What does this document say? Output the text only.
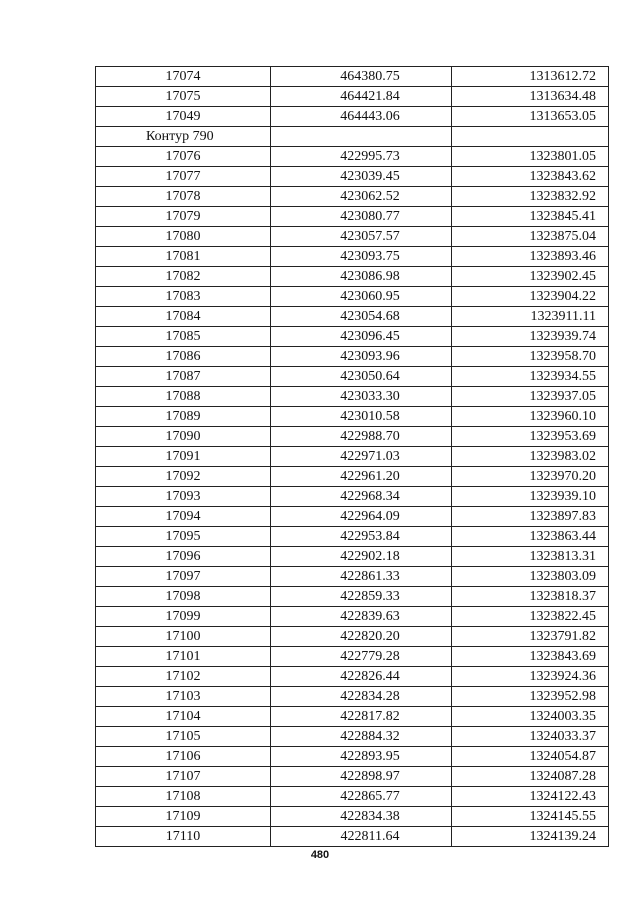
17074	464380.75	1313612.72
17075	464421.84	1313634.48
17049	464443.06	1313653.05
Контур 790		
17076	422995.73	1323801.05
17077	423039.45	1323843.62
17078	423062.52	1323832.92
17079	423080.77	1323845.41
17080	423057.57	1323875.04
17081	423093.75	1323893.46
17082	423086.98	1323902.45
17083	423060.95	1323904.22
17084	423054.68	1323911.11
17085	423096.45	1323939.74
17086	423093.96	1323958.70
17087	423050.64	1323934.55
17088	423033.30	1323937.05
17089	423010.58	1323960.10
17090	422988.70	1323953.69
17091	422971.03	1323983.02
17092	422961.20	1323970.20
17093	422968.34	1323939.10
17094	422964.09	1323897.83
17095	422953.84	1323863.44
17096	422902.18	1323813.31
17097	422861.33	1323803.09
17098	422859.33	1323818.37
17099	422839.63	1323822.45
17100	422820.20	1323791.82
17101	422779.28	1323843.69
17102	422826.44	1323924.36
17103	422834.28	1323952.98
17104	422817.82	1324003.35
17105	422884.32	1324033.37
17106	422893.95	1324054.87
17107	422898.97	1324087.28
17108	422865.77	1324122.43
17109	422834.38	1324145.55
17110	422811.64	1324139.24
480
